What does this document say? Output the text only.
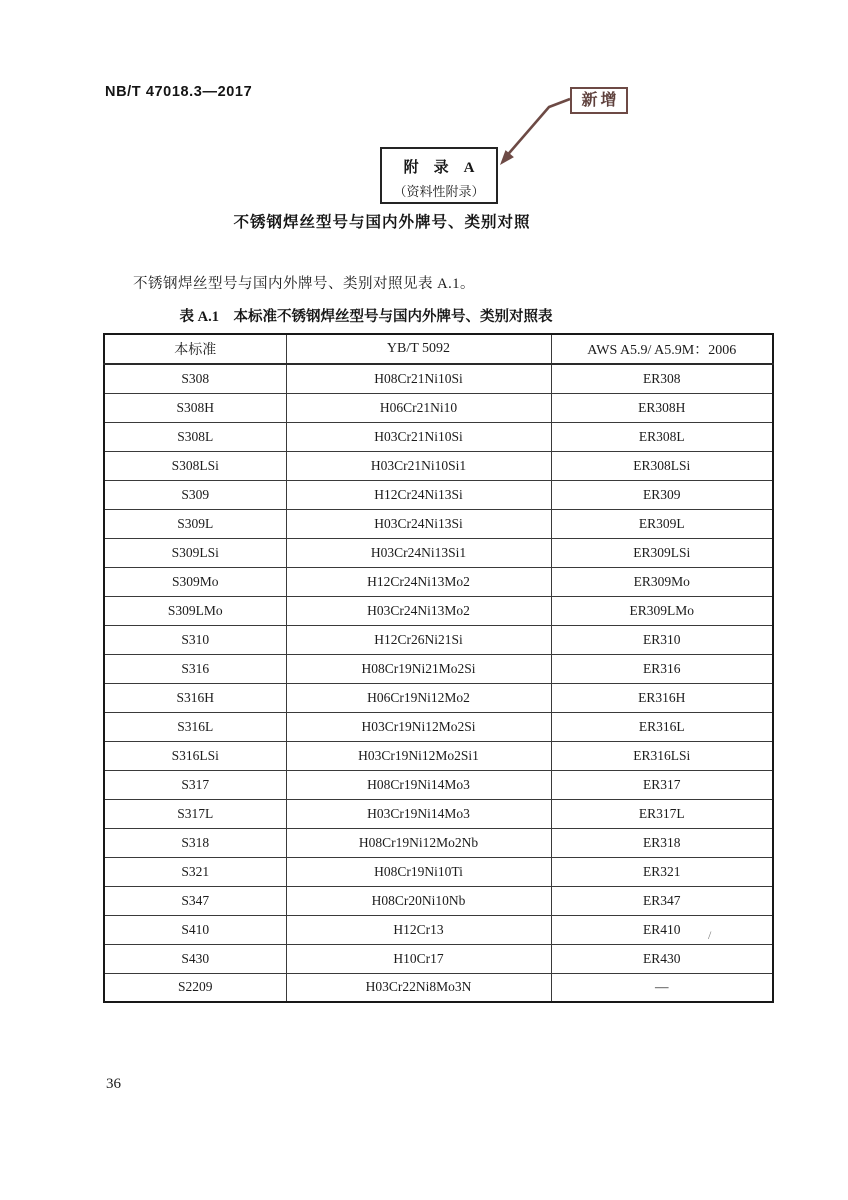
NB/T 47018.3—2017	新增
附　录　A
（资料性附录）
不锈钢焊丝型号与国内外牌号、类别对照
不锈钢焊丝型号与国内外牌号、类别对照见表 A.1。
表 A.1　本标准不锈钢焊丝型号与国内外牌号、类别对照表
本标准	YB/T 5092	AWS A5.9/ A5.9M：2006
S308	H08Cr21Ni10Si	ER308
S308H	H06Cr21Ni10	ER308H
S308L	H03Cr21Ni10Si	ER308L
S308LSi	H03Cr21Ni10Si1	ER308LSi
S309	H12Cr24Ni13Si	ER309
S309L	H03Cr24Ni13Si	ER309L
S309LSi	H03Cr24Ni13Si1	ER309LSi
S309Mo	H12Cr24Ni13Mo2	ER309Mo
S309LMo	H03Cr24Ni13Mo2	ER309LMo
S310	H12Cr26Ni21Si	ER310
S316	H08Cr19Ni21Mo2Si	ER316
S316H	H06Cr19Ni12Mo2	ER316H
S316L	H03Cr19Ni12Mo2Si	ER316L
S316LSi	H03Cr19Ni12Mo2Si1	ER316LSi
S317	H08Cr19Ni14Mo3	ER317
S317L	H03Cr19Ni14Mo3	ER317L
S318	H08Cr19Ni12Mo2Nb	ER318
S321	H08Cr19Ni10Ti	ER321
S347	H08Cr20Ni10Nb	ER347
S410	H12Cr13	ER410
S430	H10Cr17	ER430
S2209	H03Cr22Ni8Mo3N	—
/
36
